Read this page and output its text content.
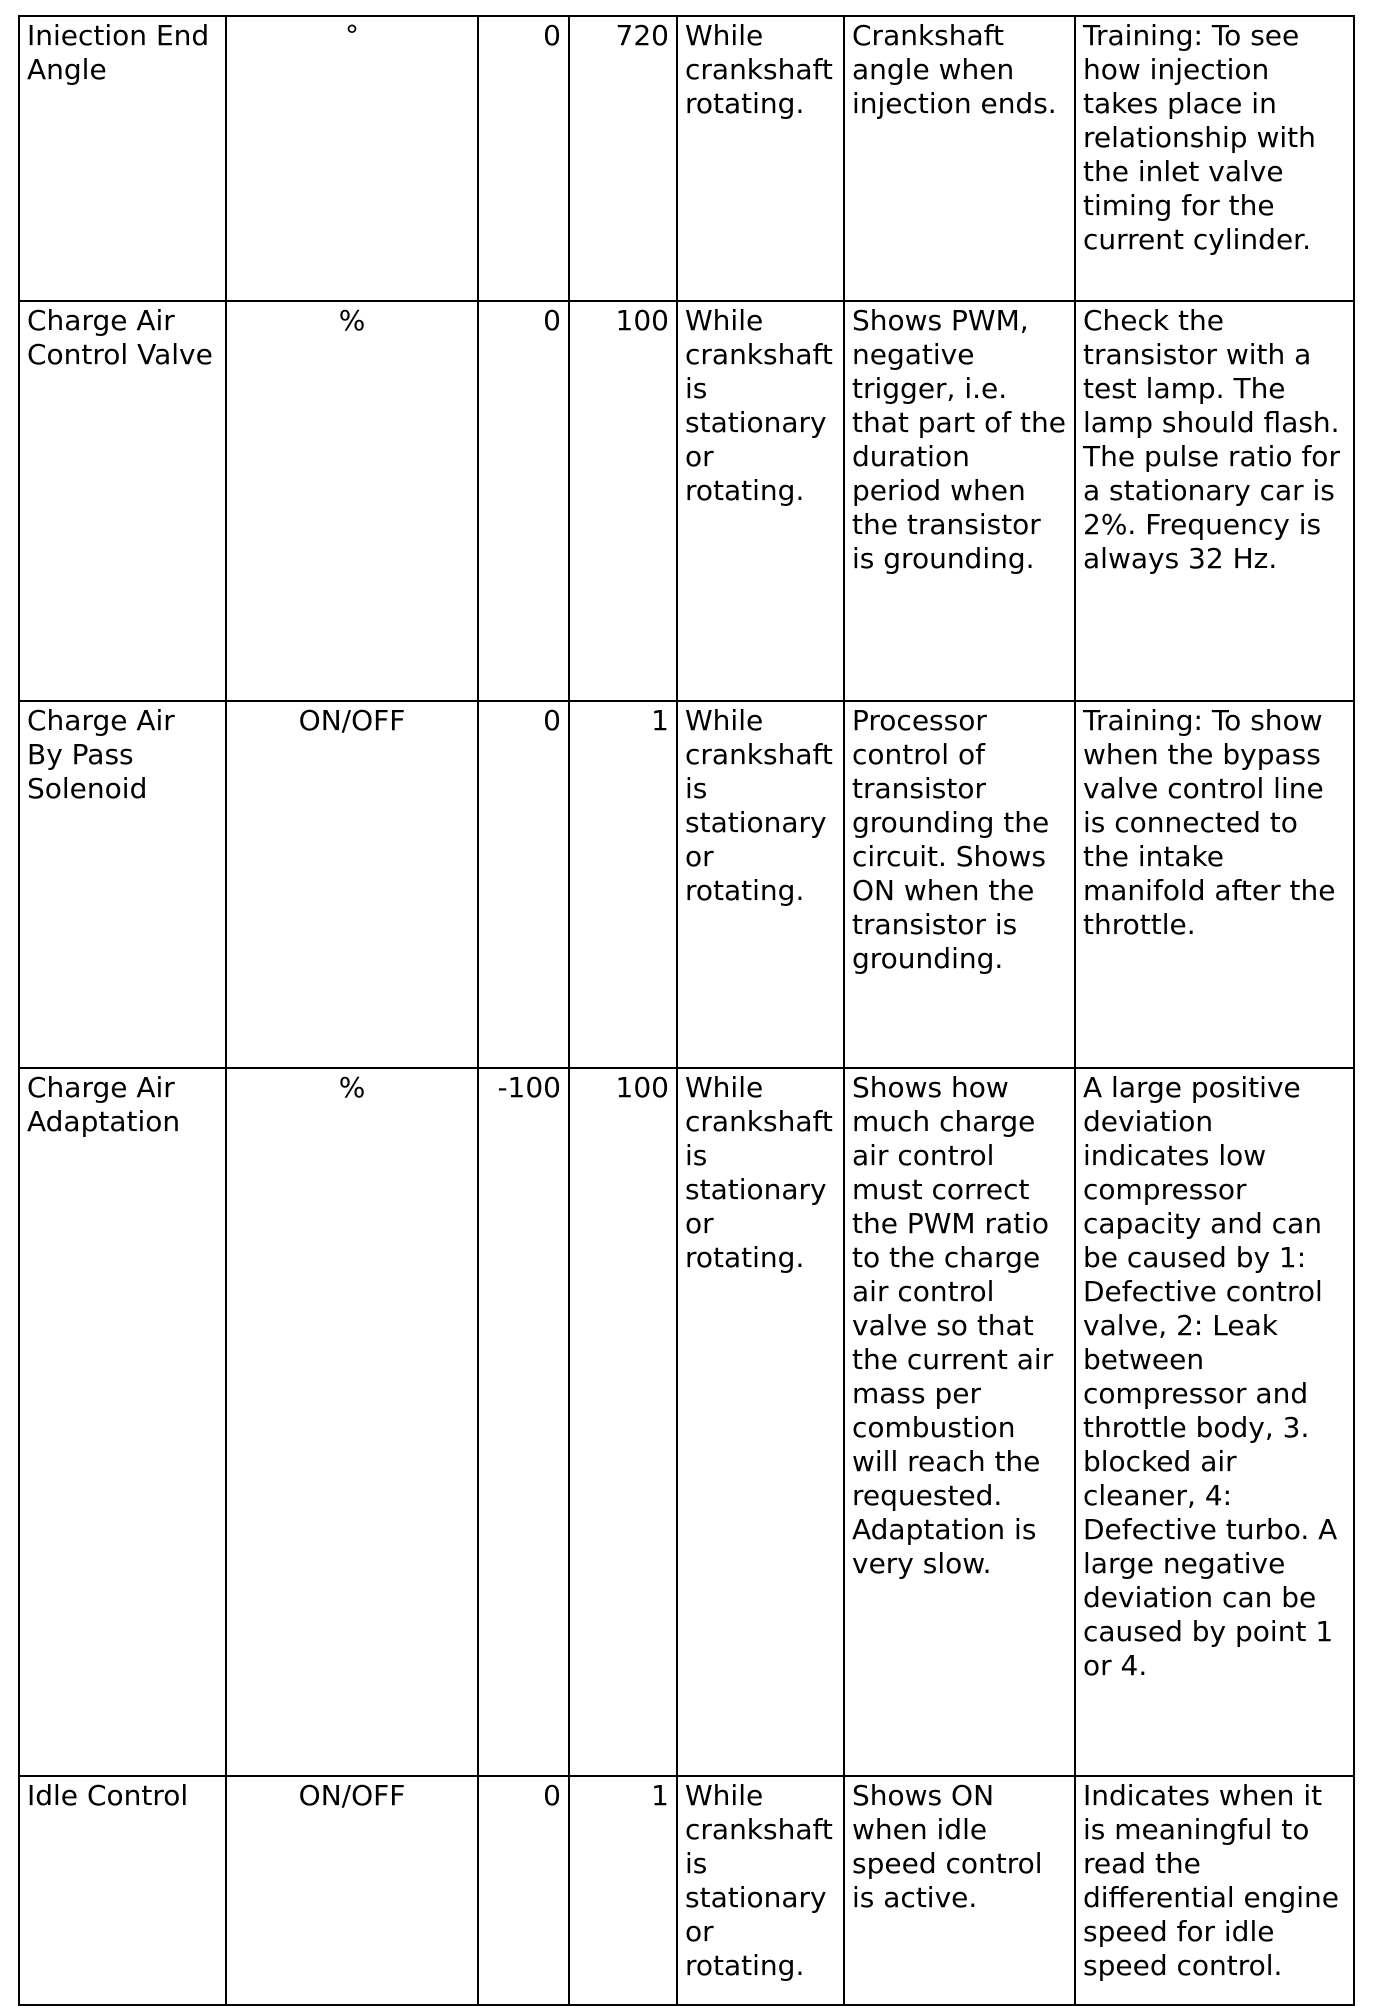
Iniection End Angle	°	0	720	While crankshaft rotating.	Crankshaft angle when injection ends.	Training: To see how injection takes place in relationship with the inlet valve timing for the current cylinder.
Charge Air Control Valve	%	0	100	While crankshaft is stationary or rotating.	Shows PWM, negative trigger, i.e. that part of the duration period when the transistor is grounding.	Check the transistor with a test lamp. The lamp should flash. The pulse ratio for a stationary car is 2%. Frequency is always 32 Hz.
Charge Air By Pass Solenoid	ON/OFF	0	1	While crankshaft is stationary or rotating.	Processor control of transistor grounding the circuit. Shows ON when the transistor is grounding.	Training: To show when the bypass valve control line is connected to the intake manifold after the throttle.
Charge Air Adaptation	%	-100	100	While crankshaft is stationary or rotating.	Shows how much charge air control must correct the PWM ratio to the charge air control valve so that the current air mass per combustion will reach the requested. Adaptation is very slow.	A large positive deviation indicates low compressor capacity and can be caused by 1: Defective control valve, 2: Leak between compressor and throttle body, 3. blocked air cleaner, 4: Defective turbo. A large negative deviation can be caused by point 1 or 4.
Idle Control	ON/OFF	0	1	While crankshaft is stationary or rotating.	Shows ON when idle speed control is active.	Indicates when it is meaningful to read the differential engine speed for idle speed control.
